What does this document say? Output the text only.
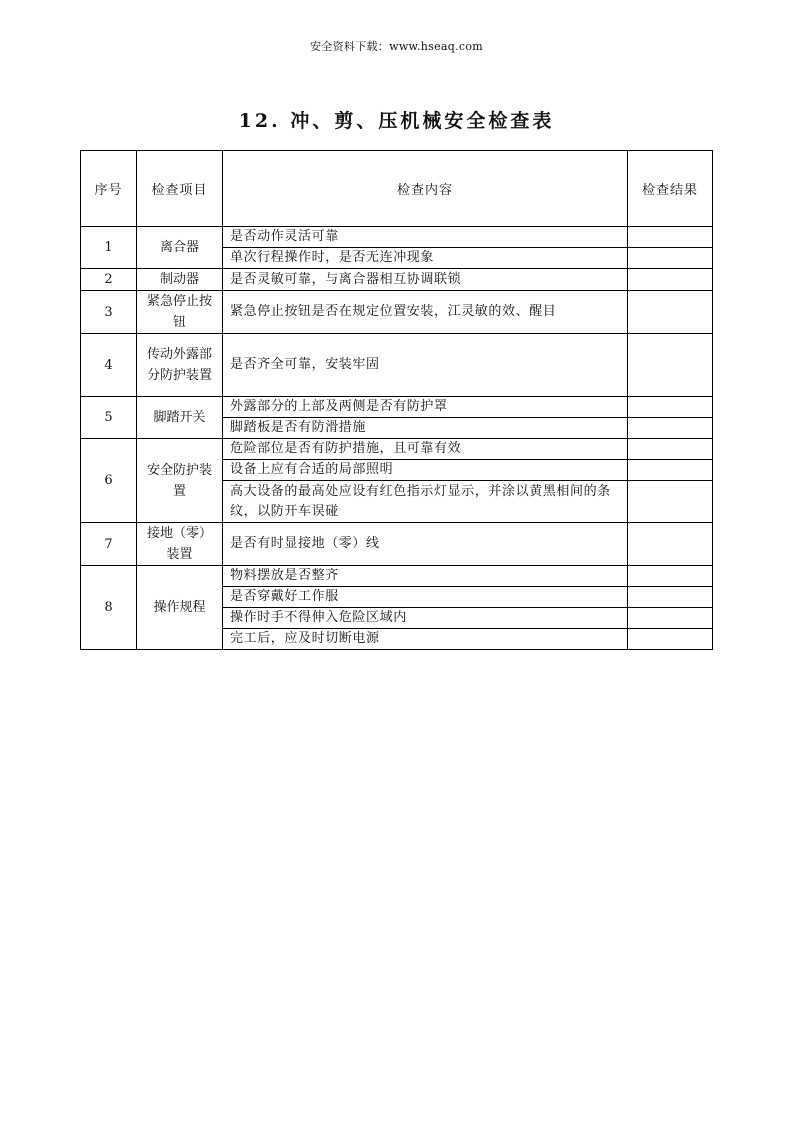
安全资料下载：www.hseaq.com
12. 冲、剪、压机械安全检查表
序号	检查项目	检查内容	检查结果
1	离合器	是否动作灵活可靠	
		单次行程操作时，是否无连冲现象	
2	制动器	是否灵敏可靠，与离合器相互协调联锁	
3	紧急停止按钮	紧急停止按钮是否在规定位置安装，江灵敏的效、醒目	
4	传动外露部分防护装置	是否齐全可靠，安装牢固	
5	脚踏开关	外露部分的上部及两侧是否有防护罩	
		脚踏板是否有防滑措施	
6	安全防护装置	危险部位是否有防护措施，且可靠有效	
		设备上应有合适的局部照明	
		高大设备的最高处应设有红色指示灯显示，并涂以黄黑相间的条纹，以防开车误碰	
7	接地（零）装置	是否有时显接地（零）线	
8	操作规程	物料摆放是否整齐	
		是否穿戴好工作服	
		操作时手不得伸入危险区域内	
		完工后，应及时切断电源	
